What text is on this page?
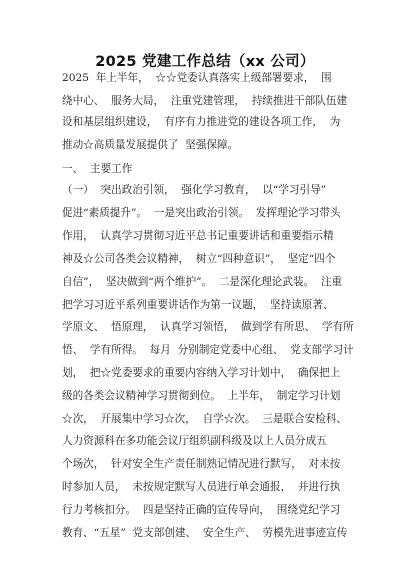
2025 党建工作总结（xx 公司）
2025  年上半年，  ☆☆党委认真落实上级部署要求，  围
绕中心、  服务大局，  注重党建管理，  持续推进干部队伍建
设和基层组织建设，  有序有力推进党的建设各项工作，  为
推动☆高质量发展提供了  坚强保障。
一、  主要工作
（一）  突出政治引领，  强化学习教育，  以“学习引导”
促进“素质提升”。  一是突出政治引领。  发挥理论学习带头
作用，  认真学习贯彻习近平总书记重要讲话和重要指示精
神及☆公司各类会议精神，  树立“四种意识”，  坚定“四个
自信”，  坚决做到“两个维护”。  二是深化理论武装。  注重
把学习习近平系列重要讲话作为第一议题，  坚持读原著、
学原文、  悟原理，  认真学习领悟，  做到学有所思、  学有所
悟、  学有所得。  每月  分别制定党委中心组、  党支部学习计
划，  把☆党委要求的重要内容纳入学习计划中，  确保把上
级的各类会议精神学习贯彻到位。  上半年，  制定学习计划
☆次，  开展集中学习☆次，  自学☆次。  三是联合安检科、
人力资源科在多功能会议厅组织副科级及以上人员分成五
个场次，  针对安全生产责任制熟记情况进行默写，  对未按
时参加人员，  未按规定默写人员进行单会通报，  并进行执
行力考核扣分。  四是坚持正确的宣传导向，  围绕党纪学习
教育、“五星”  党支部创建、  安全生产、  劳模先进事迹宣传
